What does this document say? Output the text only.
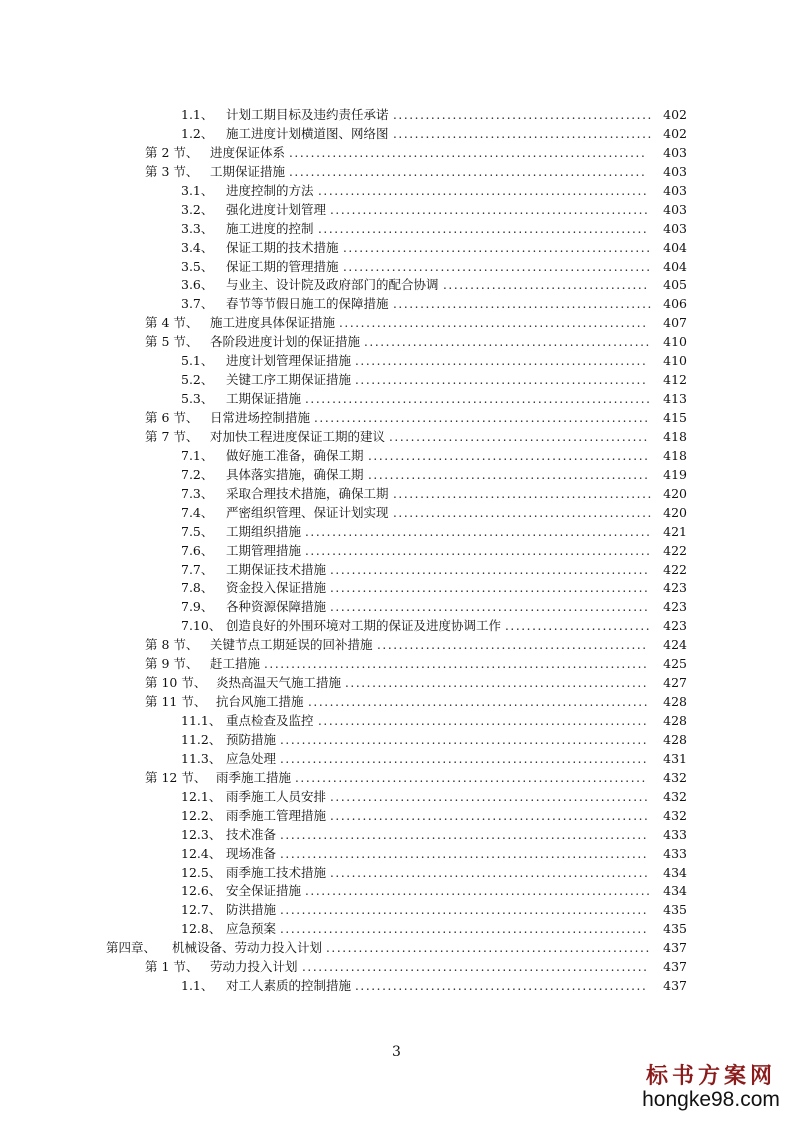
1.1、 计划工期目标及违约责任承诺 ................................................ 402
1.2、 施工进度计划横道图、网络图 ................................................ 402
第 2 节、 进度保证体系 ..................................................................	403
第 3 节、 工期保证措施 ..................................................................	403
3.1、 进度控制的方法 .............................................................	403
3.2、 强化进度计划管理 ...........................................................	403
3.3、 施工进度的控制 .............................................................	403
3.4、 保证工期的技术措施 ......................................................... 404
3.5、 保证工期的管理措施 ......................................................... 404
3.6、 与业主、设计院及政府部门的配合协调 ......................................	405
3.7、 春节等节假日施工的保障措施 ................................................ 406
第 4 节、 施工进度具体保证措施 .........................................................	407
第 5 节、 各阶段进度计划的保证措施 ..................................................... 410
5.1、 进度计划管理保证措施 ......................................................	410
5.2、 关键工序工期保证措施 ......................................................	412
5.3、 工期保证措施 ................................................................ 413
第 6 节、 日常进场控制措施 ..............................................................	415
第 7 节、 对加快工程进度保证工期的建议 ................................................	418
7.1、 做好施工准备，确保工期 ....................................................	418
7.2、 具体落实措施，确保工期 ....................................................	419
7.3、 采取合理技术措施，确保工期 ................................................ 420
7.4、 严密组织管理、保证计划实现 ................................................ 420
7.5、 工期组织措施 ................................................................ 421
7.6、 工期管理措施 ................................................................ 422
7.7、 工期保证技术措施 ...........................................................	422
7.8、 资金投入保证措施 ...........................................................	423
7.9、 各种资源保障措施 ...........................................................	423
7.10、 创造良好的外围环境对工期的保证及进度协调工作 ........................... 423
第 8 节、 关键节点工期延误的回补措施 ..................................................	424
第 9 节、 赶工措施 .......................................................................	425
第 10 节、 炎热高温天气施工措施 ........................................................	427
第 11 节、 抗台风施工措施 ...............................................................	428
11.1、 重点检查及监控 .............................................................	428
11.2、 预防措施 ....................................................................	428
11.3、 应急处理 ....................................................................	431
第 12 节、 雨季施工措施 .................................................................	432
12.1、 雨季施工人员安排 ...........................................................	432
12.2、 雨季施工管理措施 ...........................................................	432
12.3、 技术准备 ....................................................................	433
12.4、 现场准备 ....................................................................	433
12.5、 雨季施工技术措施 ...........................................................	434
12.6、 安全保证措施 ................................................................ 434
12.7、 防洪措施 ....................................................................	435
12.8、 应急预案 ....................................................................	435
第四章、 机械设备、劳动力投入计划 ............................................................ 437
第 1 节、 劳动力投入计划 ................................................................	437
1.1、 对工人素质的控制措施 ......................................................	437
3
标书方案网
hongke98.com
